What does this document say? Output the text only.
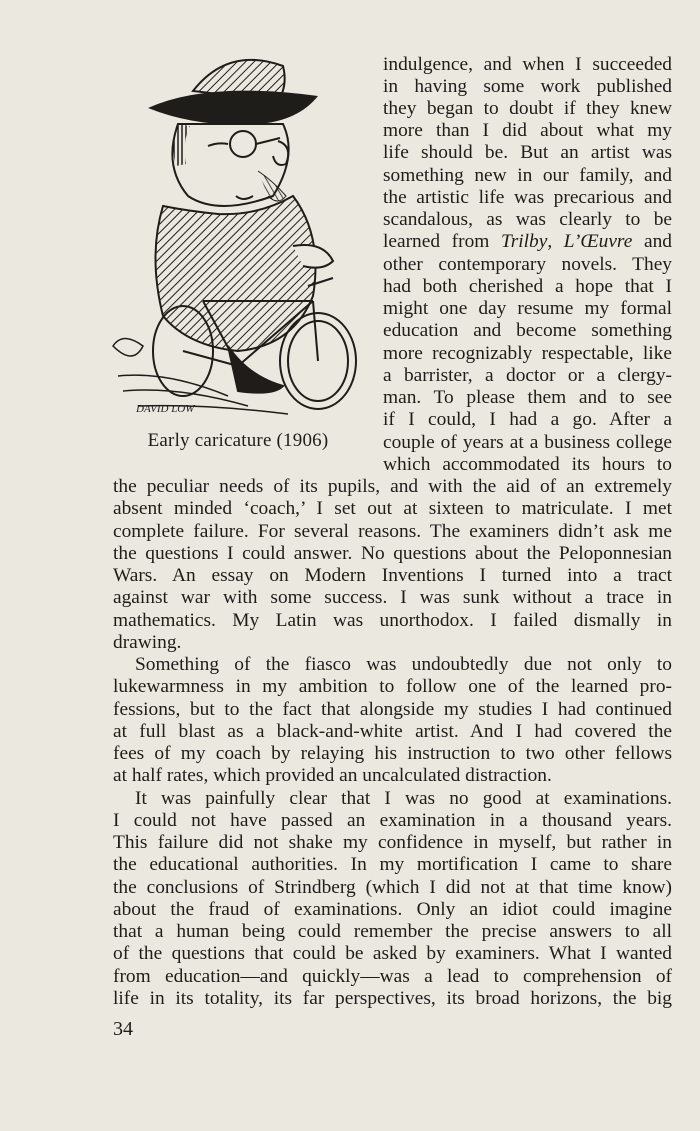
DAVID LOW
Early caricature (1906)
indulgence, and when I succeeded
in having some work published
they began to doubt if they knew
more than I did about what my
life should be. But an artist was
something new in our family, and
the artistic life was precarious and
scandalous, as was clearly to be
learned from Trilby, L’Œuvre and
other contemporary novels. They
had both cherished a hope that I
might one day resume my formal
education and become something
more recognizably respectable, like
a barrister, a doctor or a clergy-
man. To please them and to see
if I could, I had a go. After a
couple of years at a business college
which accommodated its hours to
the peculiar needs of its pupils, and with the aid of an extremely
absent minded ‘coach,’ I set out at sixteen to matriculate. I met
complete failure. For several reasons. The examiners didn’t ask me
the questions I could answer. No questions about the Peloponnesian
Wars. An essay on Modern Inventions I turned into a tract
against war with some success. I was sunk without a trace in
mathematics. My Latin was unorthodox. I failed dismally in
drawing.
Something of the fiasco was undoubtedly due not only to
lukewarmness in my ambition to follow one of the learned pro-
fessions, but to the fact that alongside my studies I had continued
at full blast as a black-and-white artist. And I had covered the
fees of my coach by relaying his instruction to two other fellows
at half rates, which provided an uncalculated distraction.
It was painfully clear that I was no good at examinations.
I could not have passed an examination in a thousand years.
This failure did not shake my confidence in myself, but rather in
the educational authorities. In my mortification I came to share
the conclusions of Strindberg (which I did not at that time know)
about the fraud of examinations. Only an idiot could imagine
that a human being could remember the precise answers to all
of the questions that could be asked by examiners. What I wanted
from education—and quickly—was a lead to comprehension of
life in its totality, its far perspectives, its broad horizons, the big
34
